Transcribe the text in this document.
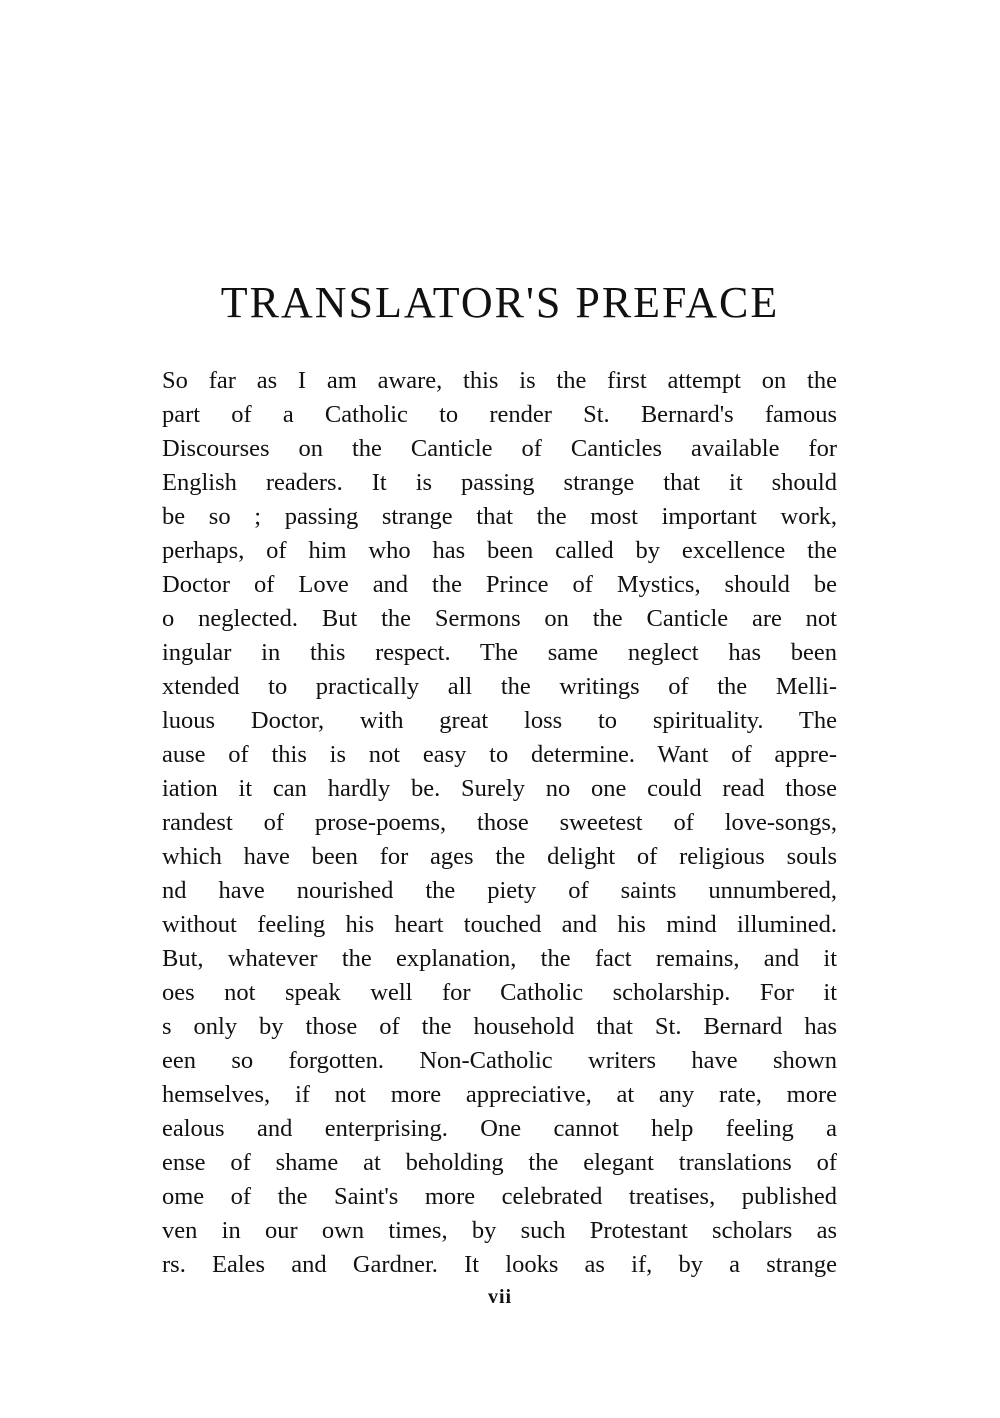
TRANSLATOR'S PREFACE
So far as I am aware, this is the first attempt on the
part of a Catholic to render St. Bernard's famous
Discourses on the Canticle of Canticles available for
English readers. It is passing strange that it should
be so ; passing strange that the most important work,
perhaps, of him who has been called by excellence the
Doctor of Love and the Prince of Mystics, should be
o neglected. But the Sermons on the Canticle are not
ingular in this respect. The same neglect has been
xtended to practically all the writings of the Melli-
luous Doctor, with great loss to spirituality. The
ause of this is not easy to determine. Want of appre-
iation it can hardly be. Surely no one could read those
randest of prose-poems, those sweetest of love-songs,
which have been for ages the delight of religious souls
nd have nourished the piety of saints unnumbered,
without feeling his heart touched and his mind illumined.
But, whatever the explanation, the fact remains, and it
oes not speak well for Catholic scholarship. For it
s only by those of the household that St. Bernard has
een so forgotten. Non-Catholic writers have shown
hemselves, if not more appreciative, at any rate, more
ealous and enterprising. One cannot help feeling a
ense of shame at beholding the elegant translations of
ome of the Saint's more celebrated treatises, published
ven in our own times, by such Protestant scholars as
rs. Eales and Gardner. It looks as if, by a strange
vii
